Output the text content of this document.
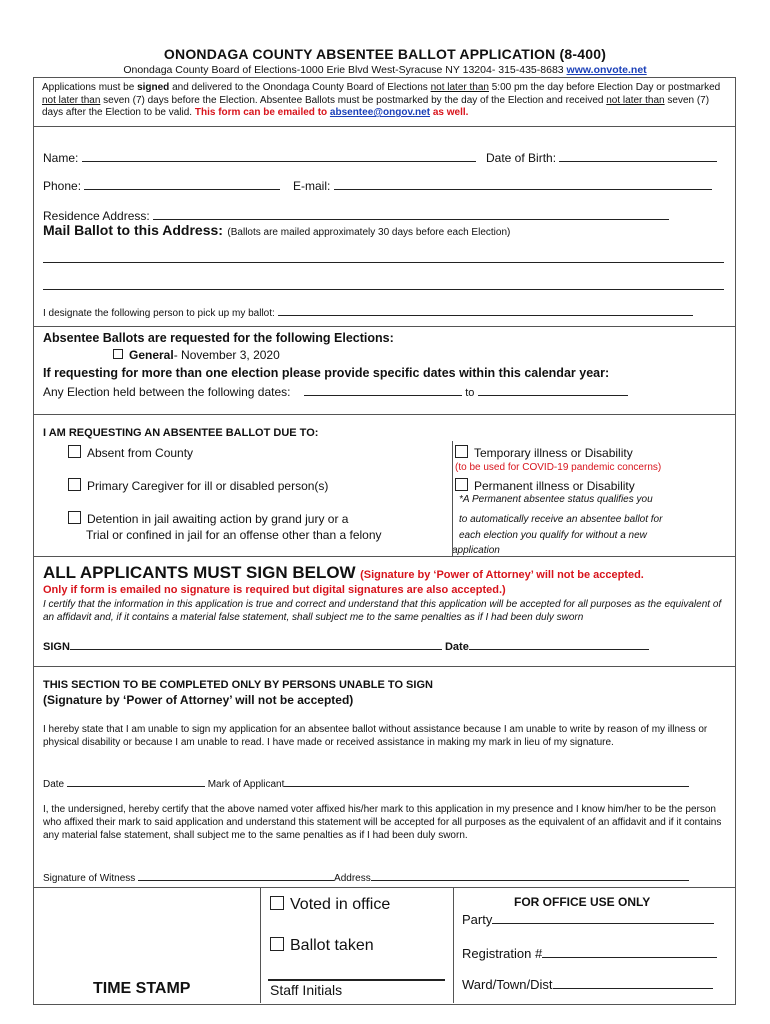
ONONDAGA COUNTY ABSENTEE BALLOT APPLICATION (8-400)
Onondaga County Board of Elections-1000 Erie Blvd West-Syracuse NY 13204- 315-435-8683 www.onvote.net
Applications must be signed and delivered to the Onondaga County Board of Elections not later than 5:00 pm the day before Election Day or postmarked
not later than seven (7) days before the Election. Absentee Ballots must be postmarked by the day of the Election and received not later than seven (7)
days after the Election to be valid. This form can be emailed to absentee@ongov.net as well.
Name:	Date of Birth:
Phone:	E-mail:
Residence Address:
Mail Ballot to this Address: (Ballots are mailed approximately 30 days before each Election)
I designate the following person to pick up my ballot:
Absentee Ballots are requested for the following Elections:
General- November 3, 2020
If requesting for more than one election please provide specific dates within this calendar year:
Any Election held between the following dates:	to
I AM REQUESTING AN ABSENTEE BALLOT DUE TO:
Absent from County
Primary Caregiver for ill or disabled person(s)
Detention in jail awaiting action by grand jury or a
Trial or confined in jail for an offense other than a felony
Temporary illness or Disability
(to be used for COVID-19 pandemic concerns)
Permanent illness or Disability
*A Permanent absentee status qualifies you
to automatically receive an absentee ballot for
each election you qualify for without a new
application
ALL APPLICANTS MUST SIGN BELOW (Signature by ‘Power of Attorney’ will not be accepted.
Only if form is emailed no signature is required but digital signatures are also accepted.)
I certify that the information in this application is true and correct and understand that this application will be accepted for all purposes as the equivalent of an affidavit and, if it contains a material false statement, shall subject me to the same penalties as if I had been duly sworn
SIGN	Date
THIS SECTION TO BE COMPLETED ONLY BY PERSONS UNABLE TO SIGN
(Signature by ‘Power of Attorney’ will not be accepted)
I hereby state that I am unable to sign my application for an absentee ballot without assistance because I am unable to write by reason of my illness or physical disability or because I am unable to read. I have made or received assistance in making my mark in lieu of my signature.
Date	Mark of Applicant
I, the undersigned, hereby certify that the above named voter affixed his/her mark to this application in my presence and I know him/her to be the person who affixed their mark to said application and understand this statement will be accepted for all purposes as the equivalent of an affidavit and if it contains any material false statement, shall subject me to the same penalties as if I had been duly sworn.
Signature of Witness	Address
TIME STAMP
Voted in office
Ballot taken
Staff Initials
FOR OFFICE USE ONLY
Party
Registration #
Ward/Town/Dist
